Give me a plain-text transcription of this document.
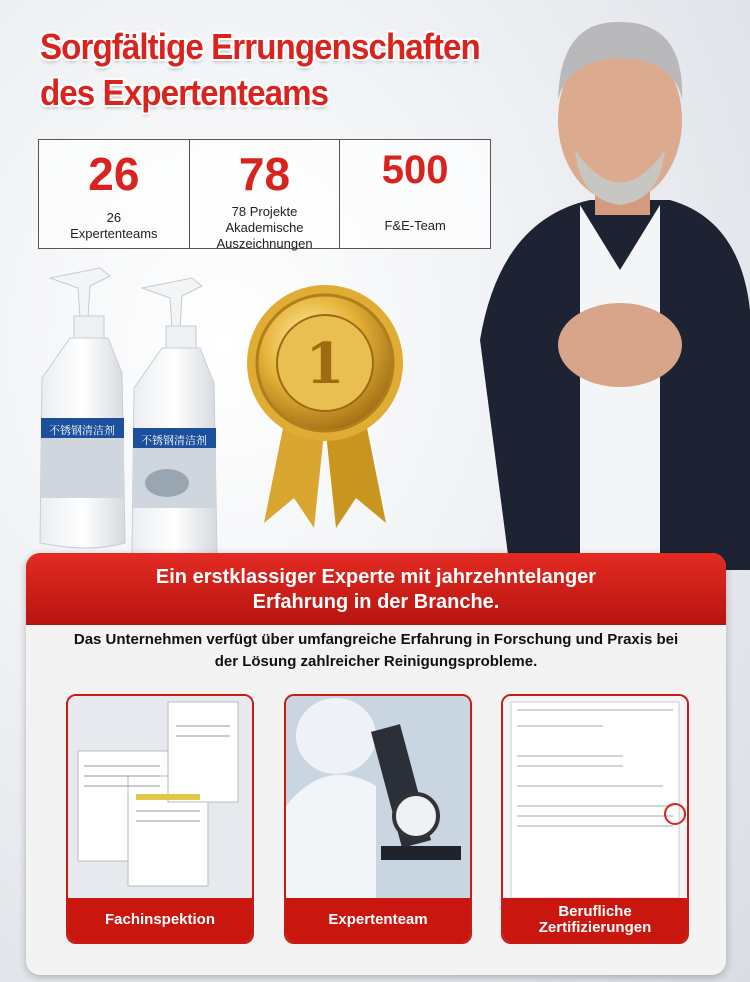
Sorgfältige Errungenschaften
des Expertenteams
26
26
Expertenteams
78
78 Projekte
Akademische
Auszeichnungen
500
F&E-Team
不锈钢清洁剂
不锈钢清洁剂
1
Ein erstklassiger Experte mit jahrzehntelanger
Erfahrung in der Branche.
Das Unternehmen verfügt über umfangreiche Erfahrung in Forschung und Praxis bei
der Lösung zahlreicher Reinigungsprobleme.
Fachinspektion	Expertenteam	Berufliche
Zertifizierungen
